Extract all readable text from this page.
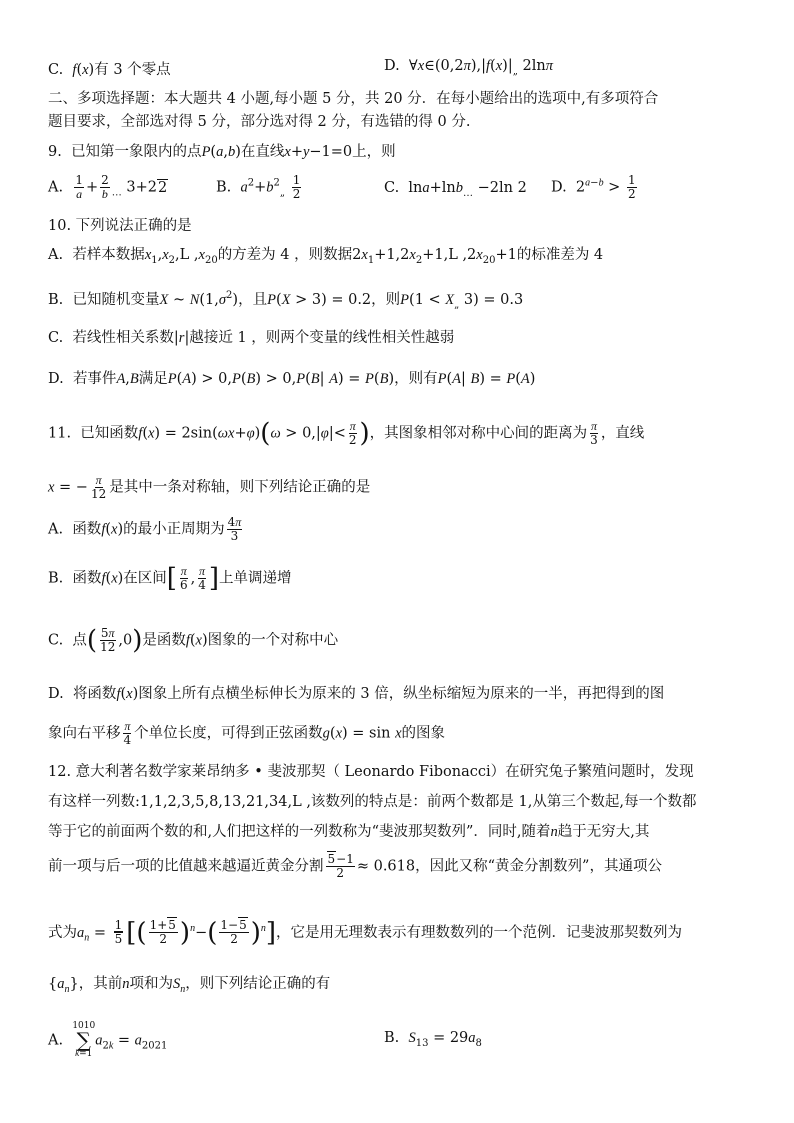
C. f(x)有 3 个零点	D.  $\forall x\in(0,2\pi),|f(x)|_„$ 2lnπ
二、多项选择题：本大题共 4 小题,每小题 5 分，共 20 分．在每小题给出的选项中,有多项符合
题目要求，全部选对得 5 分，部分选对得 2 分，有选错的得 0 分.
9. 已知第一象限内的点P(a,b)在直线x+y−1=0上，则
A. $\frac{1}{a} + \frac{2}{b} _\dots$ 3+22	B. $a^2+b^2_„ \frac{1}{2}$	C.  lna+lnb$_\dots$ −2ln 2 D.  $2^{a-b} > \frac{1}{2}$
10. 下列说法正确的是
A. 若样本数据$x_1,x_2,L$ $,x_{20}$的方差为 4 ，则数据$2x_1+1,2x_2+1,L$ $,2x_{20}+1$的标准差为 4
B. 已知随机变量X ~ $N(1,\sigma^2)$，且P(X > 3) = 0.2，则$P(1 < X_„$ 3) = 0.3
C. 若线性相关系数|r|越接近 1 ，则两个变量的线性相关性越弱
D. 若事件A,B满足P(A) > 0,P(B) > 0,P(B| A) = P(B)，则有P(A| B) = P(A)
11. 已知函数$f(x) = 2\sin(\omega x+\varphi)(\omega > 0,|\varphi|< \frac{\pi}{2}$ )，其图象相邻对称中心间的距离为 $\frac{\pi}{3}$ ，直线
x = − $\frac{\pi}{12}$ 是其中一条对称轴，则下列结论正确的是
A. 函数f(x)的最小正周期为 $\frac{4\pi}{3}$
B. 函数f(x)在区间[ $\frac{\pi}{6}$ , $\frac{\pi}{4}$ ]上单调递增
C. 点( $\frac{5\pi}{12} ,0$)是函数f(x)图象的一个对称中心
D. 将函数f(x)图象上所有点横坐标伸长为原来的 3 倍，纵坐标缩短为原来的一半，再把得到的图
象向右平移 $\frac{\pi}{4}$ 个单位长度，可得到正弦函数g(x) = sin x的图象
12. 意大利著名数学家莱昂纳多 • 斐波那契（ Leonardo Fibonacci）在研究兔子繁殖问题时，发现
有这样一列数:1,1,2,3,5,8,13,21,34,L ,该数列的特点是：前两个数都是 1,从第三个数起,每一个数都
等于它的前面两个数的和,人们把这样的一列数称为“斐波那契数列”．同时,随着n趋于无穷大,其
前一项与后一项的比值越来越逼近黄金分割 $\frac{5-1}{2} \approx 0.618$，因此又称“黄金分割数列”，其通项公
式为$a_n = \frac{1}{5}$ [( $\frac{1+5}{2} )^n-( \frac{1-5}{2} )^n$]，它是用无理数表示有理数数列的一个范例．记斐波那契数列为
$\{a_n\}$，其前n项和为$S_n$，则下列结论正确的有
A.
1010
∑
k=1
$a_{2k} = a_{2021}$	B. $S_{13} = 29a_8$
